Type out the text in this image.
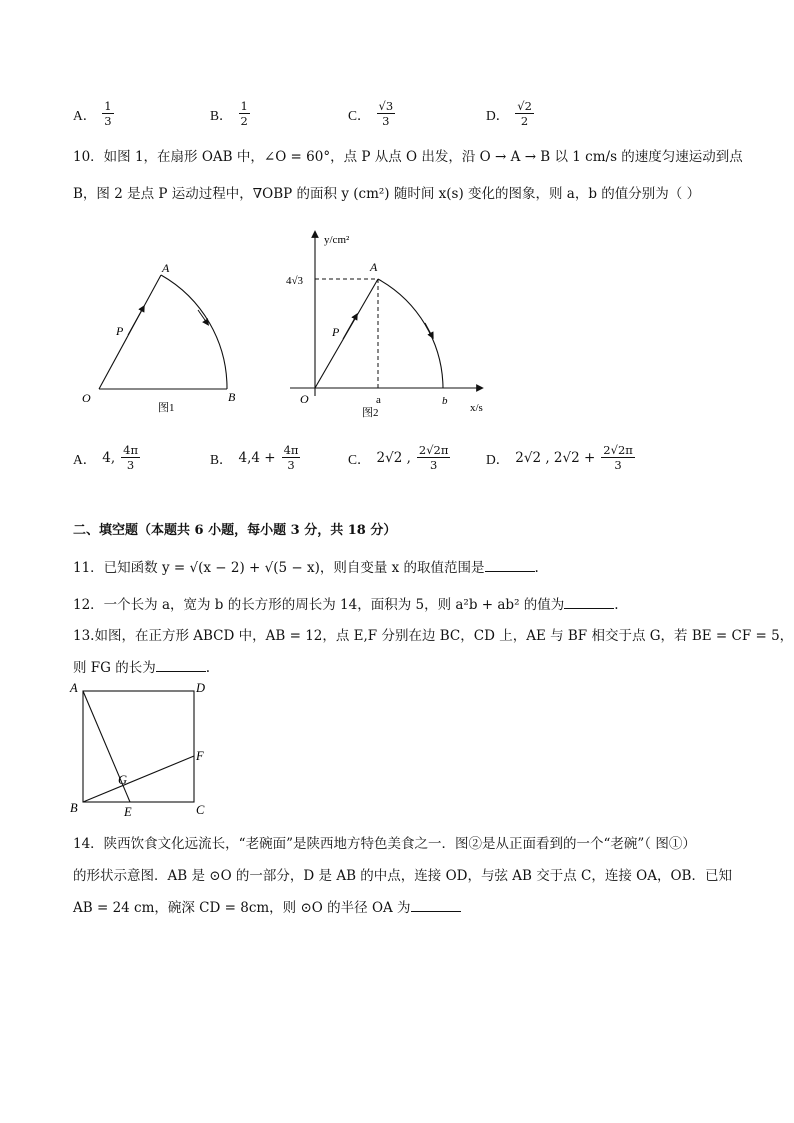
A． $\frac{1}{3}$	B． $\frac{1}{2}$	C． $\frac{√3}{3}$	D． $\frac{√2}{2}$
10．如图 1，在扇形 OAB 中，∠O = 60°，点 P 从点 O 出发，沿 O → A → B 以 1 cm/s 的速度匀速运动到点
B，图 2 是点 P 运动过程中，∇OBP 的面积 y (cm²) 随时间 x(s) 变化的图象，则 a，b 的值分别为（ ）
A
O	B
P
图1
y/cm²
x/s
4√3
A
O
P
a	b
图2
A． 4, $\frac{4\pi}{3}$	B． $4,4 + \frac{4\pi}{3}$	C． 2√2 , $\frac{2√2\pi}{3}$	D． 2√2 , $2√2 + \frac{2√2\pi}{3}$
二、填空题（本题共 6 小题，每小题 3 分，共 18 分）
11．已知函数 y = √(x − 2) + √(5 − x)，则自变量 x 的取值范围是	.
12．一个长为 a，宽为 b 的长方形的周长为 14，面积为 5，则 a²b + ab² 的值为	.
13.如图，在正方形 ABCD 中，AB = 12，点 E,F 分别在边 BC，CD 上，AE 与 BF 相交于点 G，若 BE = CF = 5，
则 FG 的长为	.
A	D
B	C
F
E
G
14．陕西饮食文化远流长，“老碗面”是陕西地方特色美食之一．图②是从正面看到的一个“老碗”（ 图①）
的形状示意图．AB 是 ⊙O 的一部分，D 是 AB 的中点，连接 OD，与弦 AB 交于点 C，连接 OA，OB．已知
AB = 24 cm，碗深 CD = 8cm，则 ⊙O 的半径 OA 为
